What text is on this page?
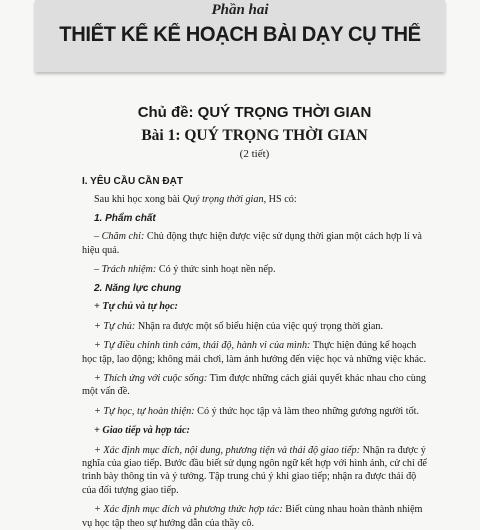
Phần hai
THIẾT KẾ KẾ HOẠCH BÀI DẠY CỤ THỂ
Chủ đề: QUÝ TRỌNG THỜI GIAN
Bài 1: QUÝ TRỌNG THỜI GIAN
(2 tiết)
I. YÊU CẦU CẦN ĐẠT

Sau khi học xong bài Quý trọng thời gian, HS có:

1. Phẩm chất

– Chăm chỉ: Chủ động thực hiện được việc sử dụng thời gian một cách hợp lí và hiệu quả.

– Trách nhiệm: Có ý thức sinh hoạt nền nếp.

2. Năng lực chung

+ Tự chủ và tự học:

+ Tự chủ: Nhận ra được một số biểu hiện của việc quý trọng thời gian.

+ Tự điều chỉnh tình cảm, thái độ, hành vi của mình: Thực hiện đúng kế hoạch học tập, lao động; không mải chơi, làm ảnh hưởng đến việc học và những việc khác.

+ Thích ứng với cuộc sống: Tìm được những cách giải quyết khác nhau cho cùng một vấn đề.

+ Tự học, tự hoàn thiện: Có ý thức học tập và làm theo những gương người tốt.

+ Giao tiếp và hợp tác:

+ Xác định mục đích, nội dung, phương tiện và thái độ giao tiếp: Nhận ra được ý nghĩa của giao tiếp. Bước đầu biết sử dụng ngôn ngữ kết hợp với hình ảnh, cử chỉ để trình bày thông tin và ý tưởng. Tập trung chú ý khi giao tiếp; nhận ra được thái độ của đối tượng giao tiếp.

+ Xác định mục đích và phương thức hợp tác: Biết cùng nhau hoàn thành nhiệm vụ học tập theo sự hướng dẫn của thầy cô.
